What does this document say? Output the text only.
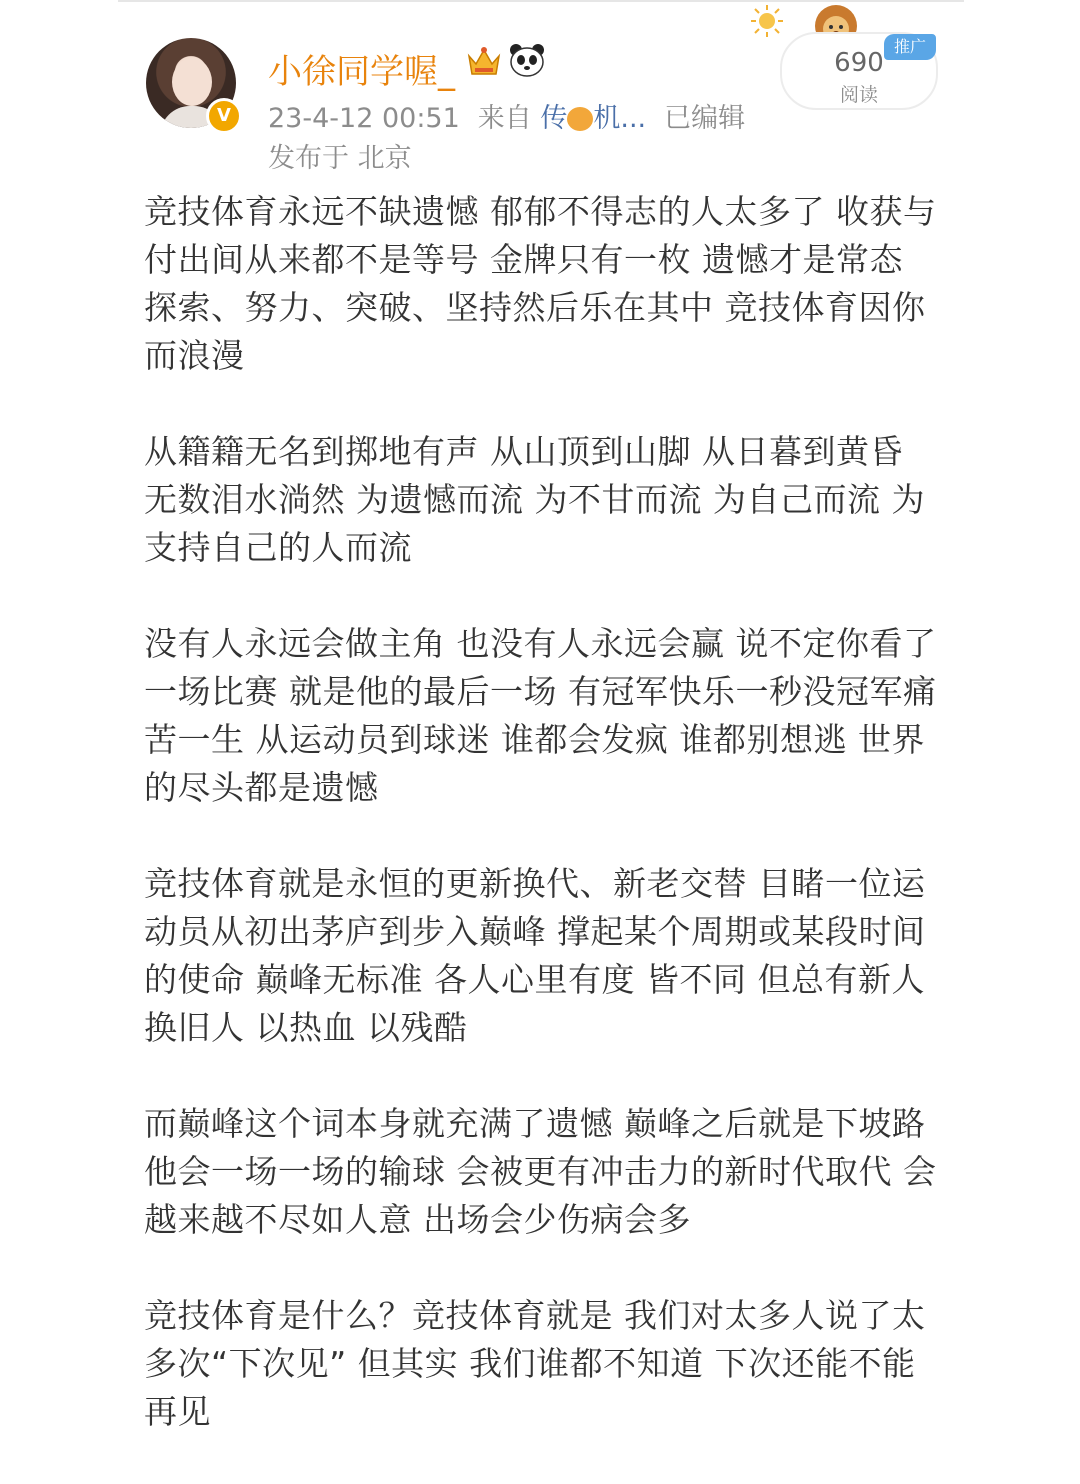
V
小徐同学喔_
23-4-12 00:51 来自 传 机... 已编辑
发布于 北京
690
阅读
推广

竞技体育永远不缺遗憾 郁郁不得志的人太多了 收获与付出间从来都不是等号 金牌只有一枚 遗憾才是常态 探索、努力、突破、坚持然后乐在其中 竞技体育因你而浪漫

从籍籍无名到掷地有声 从山顶到山脚 从日暮到黄昏 无数泪水淌然 为遗憾而流 为不甘而流 为自己而流 为支持自己的人而流

没有人永远会做主角 也没有人永远会赢 说不定你看了一场比赛 就是他的最后一场 有冠军快乐一秒没冠军痛苦一生 从运动员到球迷 谁都会发疯 谁都别想逃 世界的尽头都是遗憾

竞技体育就是永恒的更新换代、新老交替 目睹一位运动员从初出茅庐到步入巅峰 撑起某个周期或某段时间的使命 巅峰无标准 各人心里有度 皆不同 但总有新人换旧人 以热血 以残酷

而巅峰这个词本身就充满了遗憾 巅峰之后就是下坡路 他会一场一场的输球 会被更有冲击力的新时代取代 会越来越不尽如人意 出场会少伤病会多

竞技体育是什么？竞技体育就是 我们对太多人说了太多次“下次见” 但其实 我们谁都不知道 下次还能不能再见
